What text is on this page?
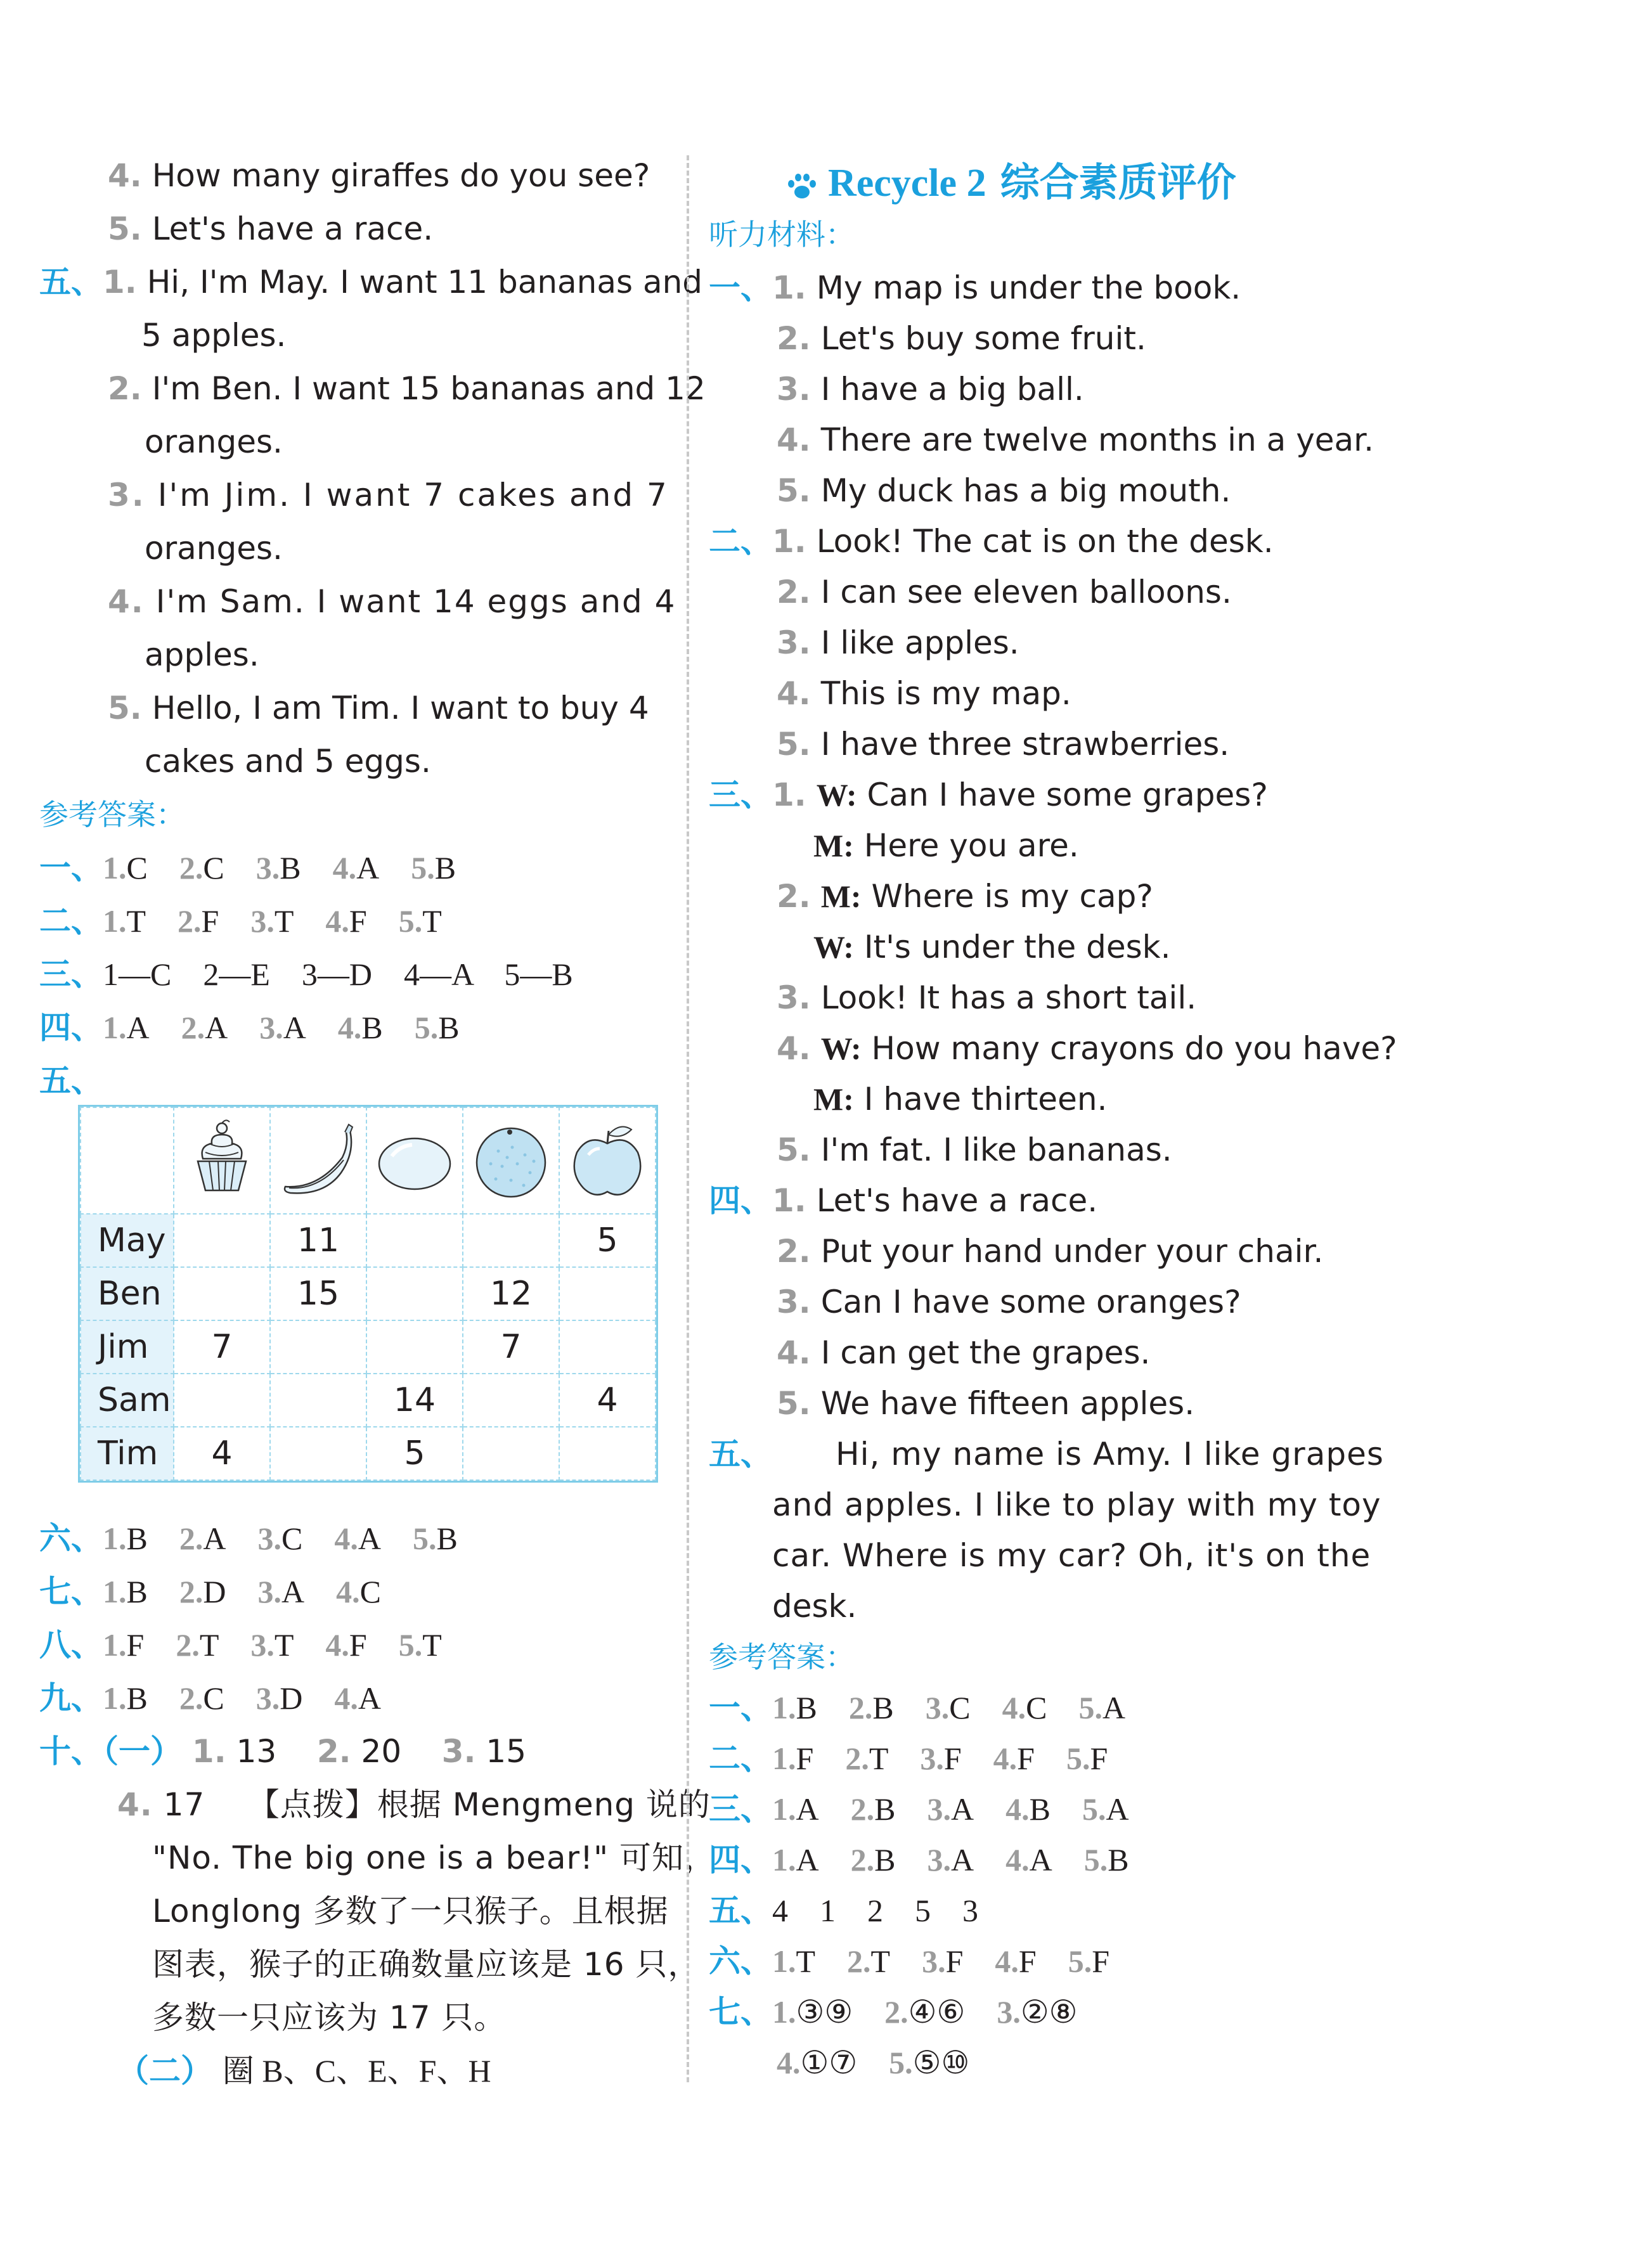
4. How many giraffes do you see?
5. Let's have a race.
五、1. Hi, I'm May. I want 11 bananas and
5 apples.
2. I'm Ben. I want 15 bananas and 12
oranges.
3. I'm Jim. I want 7 cakes and 7
oranges.
4. I'm Sam. I want 14 eggs and 4
apples.
5. Hello, I am Tim. I want to buy 4
cakes and 5 eggs.
参考答案：
一、1.C 2.C 3.B 4.A 5.B
二、1.T 2.F 3.T 4.F 5.T
三、1—C　2—E　3—D　4—A　5—B
四、1.A 2.A 3.A 4.B 5.B
五、

May		11			5
Ben		15		12	
Jim	7			7	
Sam			14		4
Tim	4		5		
六、1.B 2.A 3.C 4.A 5.B
七、1.B 2.D 3.A 4.C
八、1.F 2.T 3.T 4.F 5.T
九、1.B 2.C 3.D 4.A
十、（一） 1. 13 2. 20 3. 15
4. 17 【点拨】根据 Mengmeng 说的
"No. The big one is a bear!" 可知，
Longlong 多数了一只猴子。且根据
图表，猴子的正确数量应该是 16 只，
多数一只应该为 17 只。
（二） 圈 B、C、E、F、H
Recycle 2 综合素质评价
听力材料：
一、1. My map is under the book.
2. Let's buy some fruit.
3. I have a big ball.
4. There are twelve months in a year.
5. My duck has a big mouth.
二、1. Look! The cat is on the desk.
2. I can see eleven balloons.
3. I like apples.
4. This is my map.
5. I have three strawberries.
三、1. W: Can I have some grapes?
M: Here you are.
2. M: Where is my cap?
W: It's under the desk.
3. Look! It has a short tail.
4. W: How many crayons do you have?
M: I have thirteen.
5. I'm fat. I like bananas.
四、1. Let's have a race.
2. Put your hand under your chair.
3. Can I have some oranges?
4. I can get the grapes.
5. We have fifteen apples.
五、 Hi, my name is Amy. I like grapes
and apples. I like to play with my toy
car. Where is my car? Oh, it's on the
desk.
参考答案：
一、1.B 2.B 3.C 4.C 5.A
二、1.F 2.T 3.F 4.F 5.F
三、1.A 2.B 3.A 4.B 5.A
四、1.A 2.B 3.A 4.A 5.B
五、4　1　2　5　3
六、1.T 2.T 3.F 4.F 5.F
七、1.③⑨ 2.④⑥ 3.②⑧
4.①⑦ 5.⑤⑩
